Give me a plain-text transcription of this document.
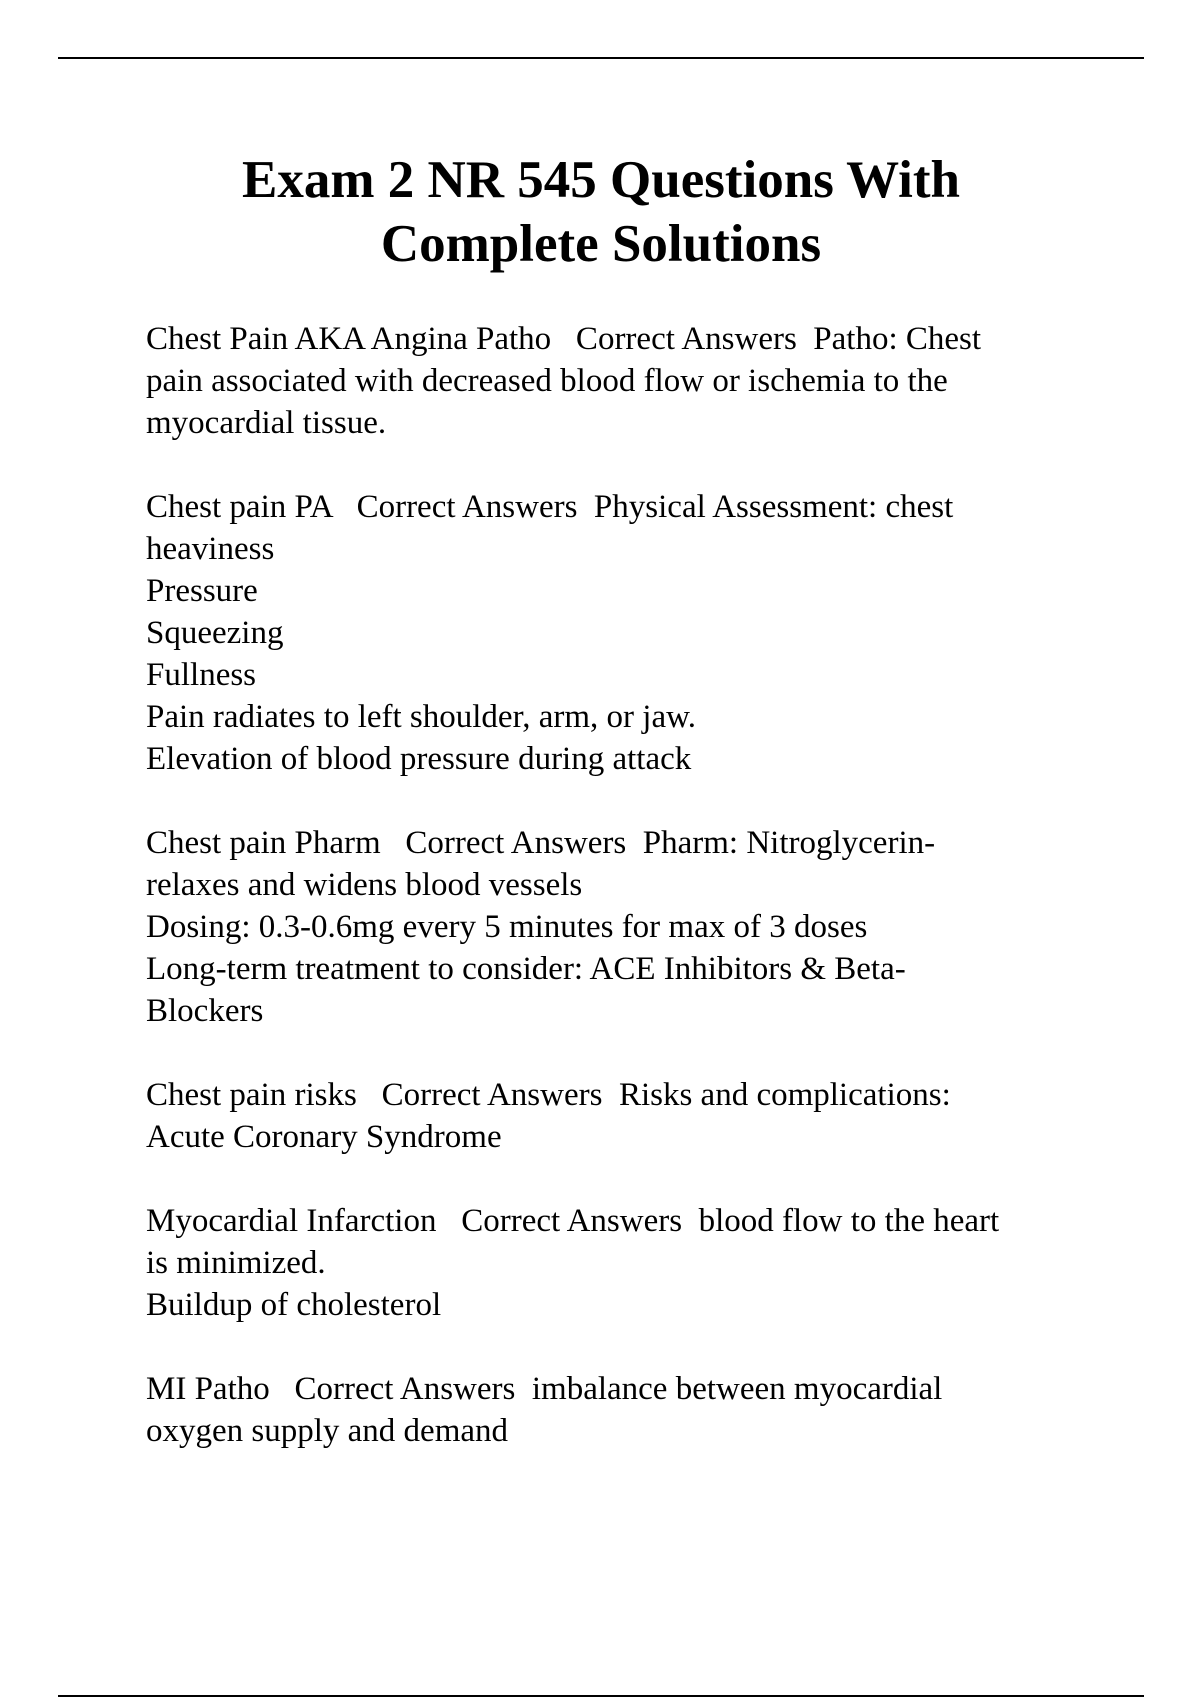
Exam 2 NR 545 Questions With
Complete Solutions

Chest Pain AKA Angina Patho   Correct Answers  Patho: Chest
pain associated with decreased blood flow or ischemia to the
myocardial tissue.

Chest pain PA   Correct Answers  Physical Assessment: chest
heaviness
Pressure
Squeezing
Fullness
Pain radiates to left shoulder, arm, or jaw.
Elevation of blood pressure during attack

Chest pain Pharm   Correct Answers  Pharm: Nitroglycerin-
relaxes and widens blood vessels
Dosing: 0.3-0.6mg every 5 minutes for max of 3 doses
Long-term treatment to consider: ACE Inhibitors & Beta-
Blockers

Chest pain risks   Correct Answers  Risks and complications:
Acute Coronary Syndrome

Myocardial Infarction   Correct Answers  blood flow to the heart
is minimized.
Buildup of cholesterol

MI Patho   Correct Answers  imbalance between myocardial
oxygen supply and demand
